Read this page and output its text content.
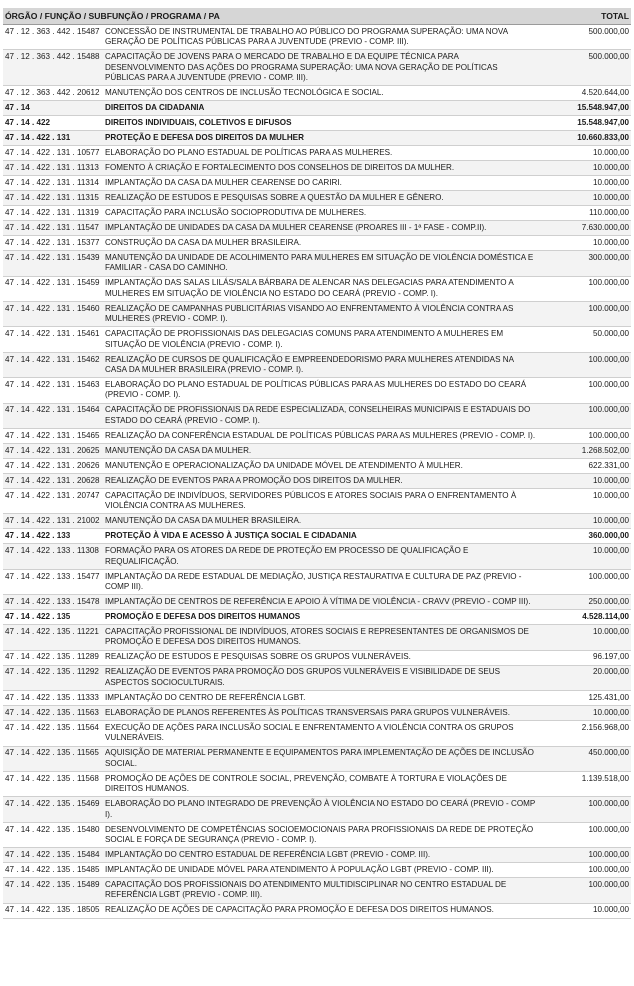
ÓRGÃO / FUNÇÃO / SUBFUNÇÃO / PROGRAMA / PA		TOTAL
47 . 12 . 363 . 442 . 15487	CONCESSÃO DE INSTRUMENTAL DE TRABALHO AO PÚBLICO DO PROGRAMA SUPERAÇÃO: UMA NOVA GERAÇÃO DE POLÍTICAS PÚBLICAS PARA A JUVENTUDE (PREVIO - COMP. III).	500.000,00
47 . 12 . 363 . 442 . 15488	CAPACITAÇÃO DE JOVENS PARA O MERCADO DE TRABALHO E DA EQUIPE TÉCNICA PARA DESENVOLVIMENTO DAS AÇÕES DO PROGRAMA SUPERAÇÃO: UMA NOVA GERAÇÃO DE POLÍTICAS PÚBLICAS PARA A JUVENTUDE (PREVIO - COMP. III).	500.000,00
47 . 12 . 363 . 442 . 20612	MANUTENÇÃO DOS CENTROS DE INCLUSÃO TECNOLÓGICA E SOCIAL.	4.520.644,00
47 . 14	DIREITOS DA CIDADANIA	15.548.947,00
47 . 14 . 422	DIREITOS INDIVIDUAIS, COLETIVOS E DIFUSOS	15.548.947,00
47 . 14 . 422 . 131	PROTEÇÃO E DEFESA DOS DIREITOS DA MULHER	10.660.833,00
47 . 14 . 422 . 131 . 10577	ELABORAÇÃO DO PLANO ESTADUAL DE POLÍTICAS PARA AS MULHERES.	10.000,00
47 . 14 . 422 . 131 . 11313	FOMENTO À CRIAÇÃO E FORTALECIMENTO DOS CONSELHOS DE DIREITOS DA MULHER.	10.000,00
47 . 14 . 422 . 131 . 11314	IMPLANTAÇÃO DA CASA DA MULHER CEARENSE DO CARIRI.	10.000,00
47 . 14 . 422 . 131 . 11315	REALIZAÇÃO DE ESTUDOS E PESQUISAS SOBRE A QUESTÃO DA MULHER E GÊNERO.	10.000,00
47 . 14 . 422 . 131 . 11319	CAPACITAÇÃO PARA INCLUSÃO SOCIOPRODUTIVA DE MULHERES.	110.000,00
47 . 14 . 422 . 131 . 11547	IMPLANTAÇÃO DE UNIDADES DA CASA DA MULHER CEARENSE (PROARES III - 1ª FASE - COMP.II).	7.630.000,00
47 . 14 . 422 . 131 . 15377	CONSTRUÇÃO DA CASA DA MULHER BRASILEIRA.	10.000,00
47 . 14 . 422 . 131 . 15439	MANUTENÇÃO DA UNIDADE DE ACOLHIMENTO PARA MULHERES EM SITUAÇÃO DE VIOLÊNCIA DOMÉSTICA E FAMILIAR - CASA DO CAMINHO.	300.000,00
47 . 14 . 422 . 131 . 15459	IMPLANTAÇÃO DAS SALAS LILÁS/SALA BÁRBARA DE ALENCAR NAS DELEGACIAS PARA ATENDIMENTO A MULHERES EM SITUAÇÃO DE VIOLÊNCIA NO ESTADO DO CEARÁ (PREVIO - COMP. I).	100.000,00
47 . 14 . 422 . 131 . 15460	REALIZAÇÃO DE CAMPANHAS PUBLICITÁRIAS VISANDO AO ENFRENTAMENTO À VIOLÊNCIA CONTRA AS MULHERES (PREVIO - COMP. I).	100.000,00
47 . 14 . 422 . 131 . 15461	CAPACITAÇÃO DE PROFISSIONAIS DAS DELEGACIAS COMUNS PARA ATENDIMENTO A MULHERES EM SITUAÇÃO DE VIOLÊNCIA (PREVIO - COMP. I).	50.000,00
47 . 14 . 422 . 131 . 15462	REALIZAÇÃO DE CURSOS DE QUALIFICAÇÃO E EMPREENDEDORISMO PARA MULHERES ATENDIDAS NA CASA DA MULHER BRASILEIRA (PREVIO - COMP. I).	100.000,00
47 . 14 . 422 . 131 . 15463	ELABORAÇÃO DO PLANO ESTADUAL DE POLÍTICAS PÚBLICAS PARA AS MULHERES DO ESTADO DO CEARÁ (PREVIO - COMP. I).	100.000,00
47 . 14 . 422 . 131 . 15464	CAPACITAÇÃO DE PROFISSIONAIS DA REDE ESPECIALIZADA, CONSELHEIRAS MUNICIPAIS E ESTADUAIS DO ESTADO DO CEARÁ (PREVIO - COMP. I).	100.000,00
47 . 14 . 422 . 131 . 15465	REALIZAÇÃO DA CONFERÊNCIA ESTADUAL DE POLÍTICAS PÚBLICAS PARA AS MULHERES (PREVIO - COMP. I).	100.000,00
47 . 14 . 422 . 131 . 20625	MANUTENÇÃO DA CASA DA MULHER.	1.268.502,00
47 . 14 . 422 . 131 . 20626	MANUTENÇÃO E OPERACIONALIZAÇÃO DA UNIDADE MÓVEL DE ATENDIMENTO À MULHER.	622.331,00
47 . 14 . 422 . 131 . 20628	REALIZAÇÃO DE EVENTOS PARA A PROMOÇÃO DOS DIREITOS DA MULHER.	10.000,00
47 . 14 . 422 . 131 . 20747	CAPACITAÇÃO DE INDIVÍDUOS, SERVIDORES PÚBLICOS E ATORES SOCIAIS PARA O ENFRENTAMENTO À VIOLÊNCIA CONTRA AS MULHERES.	10.000,00
47 . 14 . 422 . 131 . 21002	MANUTENÇÃO DA CASA DA MULHER BRASILEIRA.	10.000,00
47 . 14 . 422 . 133	PROTEÇÃO À VIDA E ACESSO À JUSTIÇA SOCIAL E CIDADANIA	360.000,00
47 . 14 . 422 . 133 . 11308	FORMAÇÃO PARA OS ATORES DA REDE DE PROTEÇÃO EM PROCESSO DE QUALIFICAÇÃO E REQUALIFICAÇÃO.	10.000,00
47 . 14 . 422 . 133 . 15477	IMPLANTAÇÃO DA REDE ESTADUAL DE MEDIAÇÃO, JUSTIÇA RESTAURATIVA E CULTURA DE PAZ (PREVIO - COMP III).	100.000,00
47 . 14 . 422 . 133 . 15478	IMPLANTAÇÃO DE CENTROS DE REFERÊNCIA E APOIO À VÍTIMA DE VIOLÊNCIA - CRAVV (PREVIO - COMP III).	250.000,00
47 . 14 . 422 . 135	PROMOÇÃO E DEFESA DOS DIREITOS HUMANOS	4.528.114,00
47 . 14 . 422 . 135 . 11221	CAPACITAÇÃO PROFISSIONAL DE INDIVÍDUOS, ATORES SOCIAIS E REPRESENTANTES DE ORGANISMOS DE PROMOÇÃO E DEFESA DOS DIREITOS HUMANOS.	10.000,00
47 . 14 . 422 . 135 . 11289	REALIZAÇÃO DE ESTUDOS E PESQUISAS SOBRE OS GRUPOS VULNERÁVEIS.	96.197,00
47 . 14 . 422 . 135 . 11292	REALIZAÇÃO DE EVENTOS PARA PROMOÇÃO DOS GRUPOS VULNERÁVEIS E VISIBILIDADE DE SEUS ASPECTOS SOCIOCULTURAIS.	20.000,00
47 . 14 . 422 . 135 . 11333	IMPLANTAÇÃO DO CENTRO DE REFERÊNCIA LGBT.	125.431,00
47 . 14 . 422 . 135 . 11563	ELABORAÇÃO DE PLANOS REFERENTES ÀS POLÍTICAS TRANSVERSAIS PARA GRUPOS VULNERÁVEIS.	10.000,00
47 . 14 . 422 . 135 . 11564	EXECUÇÃO DE AÇÕES PARA INCLUSÃO SOCIAL E ENFRENTAMENTO A VIOLÊNCIA CONTRA OS GRUPOS VULNERÁVEIS.	2.156.968,00
47 . 14 . 422 . 135 . 11565	AQUISIÇÃO DE MATERIAL PERMANENTE E EQUIPAMENTOS PARA IMPLEMENTAÇÃO DE AÇÕES DE INCLUSÃO SOCIAL.	450.000,00
47 . 14 . 422 . 135 . 11568	PROMOÇÃO DE AÇÕES DE CONTROLE SOCIAL, PREVENÇÃO, COMBATE À TORTURA E VIOLAÇÕES DE DIREITOS HUMANOS.	1.139.518,00
47 . 14 . 422 . 135 . 15469	ELABORAÇÃO DO PLANO INTEGRADO DE PREVENÇÃO À VIOLÊNCIA NO ESTADO DO CEARÁ (PREVIO - COMP I).	100.000,00
47 . 14 . 422 . 135 . 15480	DESENVOLVIMENTO DE COMPETÊNCIAS SOCIOEMOCIONAIS PARA PROFISSIONAIS DA REDE DE PROTEÇÃO SOCIAL E FORÇA DE SEGURANÇA (PREVIO - COMP. I).	100.000,00
47 . 14 . 422 . 135 . 15484	IMPLANTAÇÃO DO CENTRO ESTADUAL DE REFERÊNCIA LGBT (PREVIO - COMP. III).	100.000,00
47 . 14 . 422 . 135 . 15485	IMPLANTAÇÃO DE UNIDADE MÓVEL PARA ATENDIMENTO À POPULAÇÃO LGBT (PREVIO - COMP. III).	100.000,00
47 . 14 . 422 . 135 . 15489	CAPACITAÇÃO DOS PROFISSIONAIS DO ATENDIMENTO MULTIDISCIPLINAR NO CENTRO ESTADUAL DE REFERÊNCIA LGBT (PREVIO - COMP. III).	100.000,00
47 . 14 . 422 . 135 . 18505	REALIZAÇÃO DE AÇÕES DE CAPACITAÇÃO PARA PROMOÇÃO E DEFESA DOS DIREITOS HUMANOS.	10.000,00
